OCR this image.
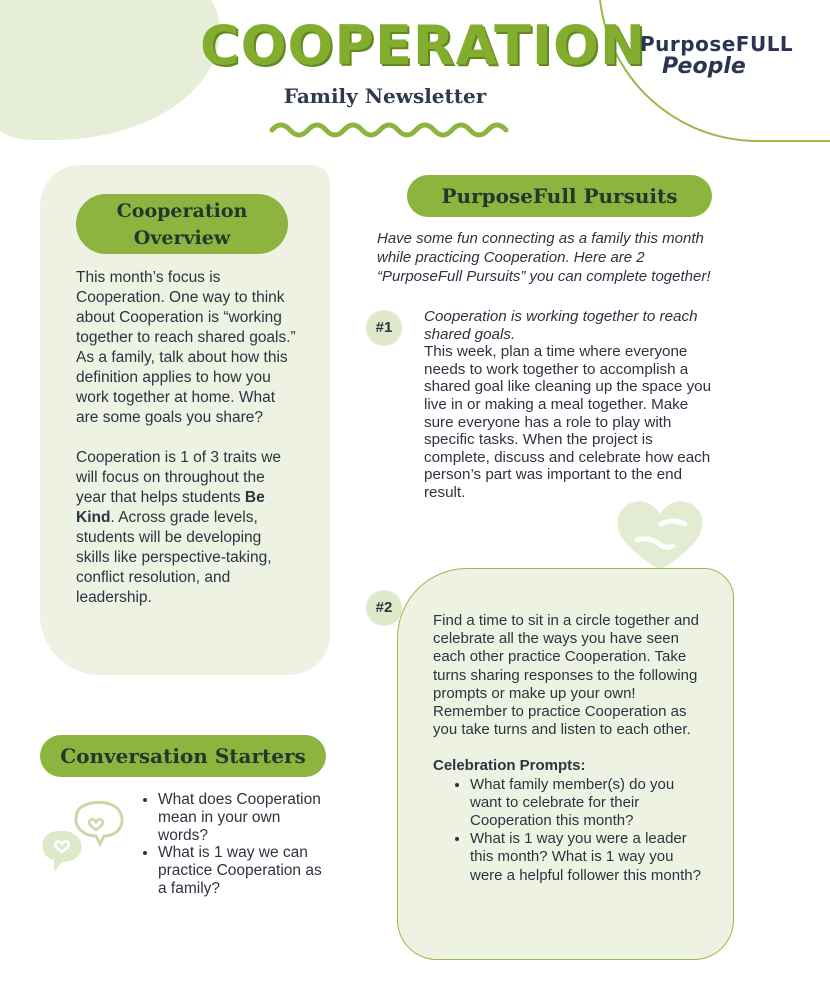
COOPERATION
Family Newsletter
PurposeFULL
People
Cooperation Overview

This month’s focus is Cooperation. One way to think about Cooperation is “working together to reach shared goals.” As a family, talk about how this definition applies to how you work together at home. What are some goals you share?

Cooperation is 1 of 3 traits we will focus on throughout the year that helps students Be Kind. Across grade levels, students will be developing skills like perspective-taking, conflict resolution, and leadership.

PurposeFull Pursuits
Have some fun connecting as a family this month while practicing Cooperation. Here are 2 “PurposeFull Pursuits” you can complete together!
#1
Cooperation is working together to reach shared goals.
This week, plan a time where everyone needs to work together to accomplish a shared goal like cleaning up the space you live in or making a meal together. Make sure everyone has a role to play with specific tasks. When the project is complete, discuss and celebrate how each person’s part was important to the end result.
#2
Find a time to sit in a circle together and celebrate all the ways you have seen each other practice Cooperation. Take turns sharing responses to the following prompts or make up your own! Remember to practice Cooperation as you take turns and listen to each other.
Celebration Prompts:
• What family member(s) do you want to celebrate for their Cooperation this month?
• What is 1 way you were a leader this month? What is 1 way you were a helpful follower this month?
Conversation Starters
• What does Cooperation mean in your own words?
• What is 1 way we can practice Cooperation as a family?
